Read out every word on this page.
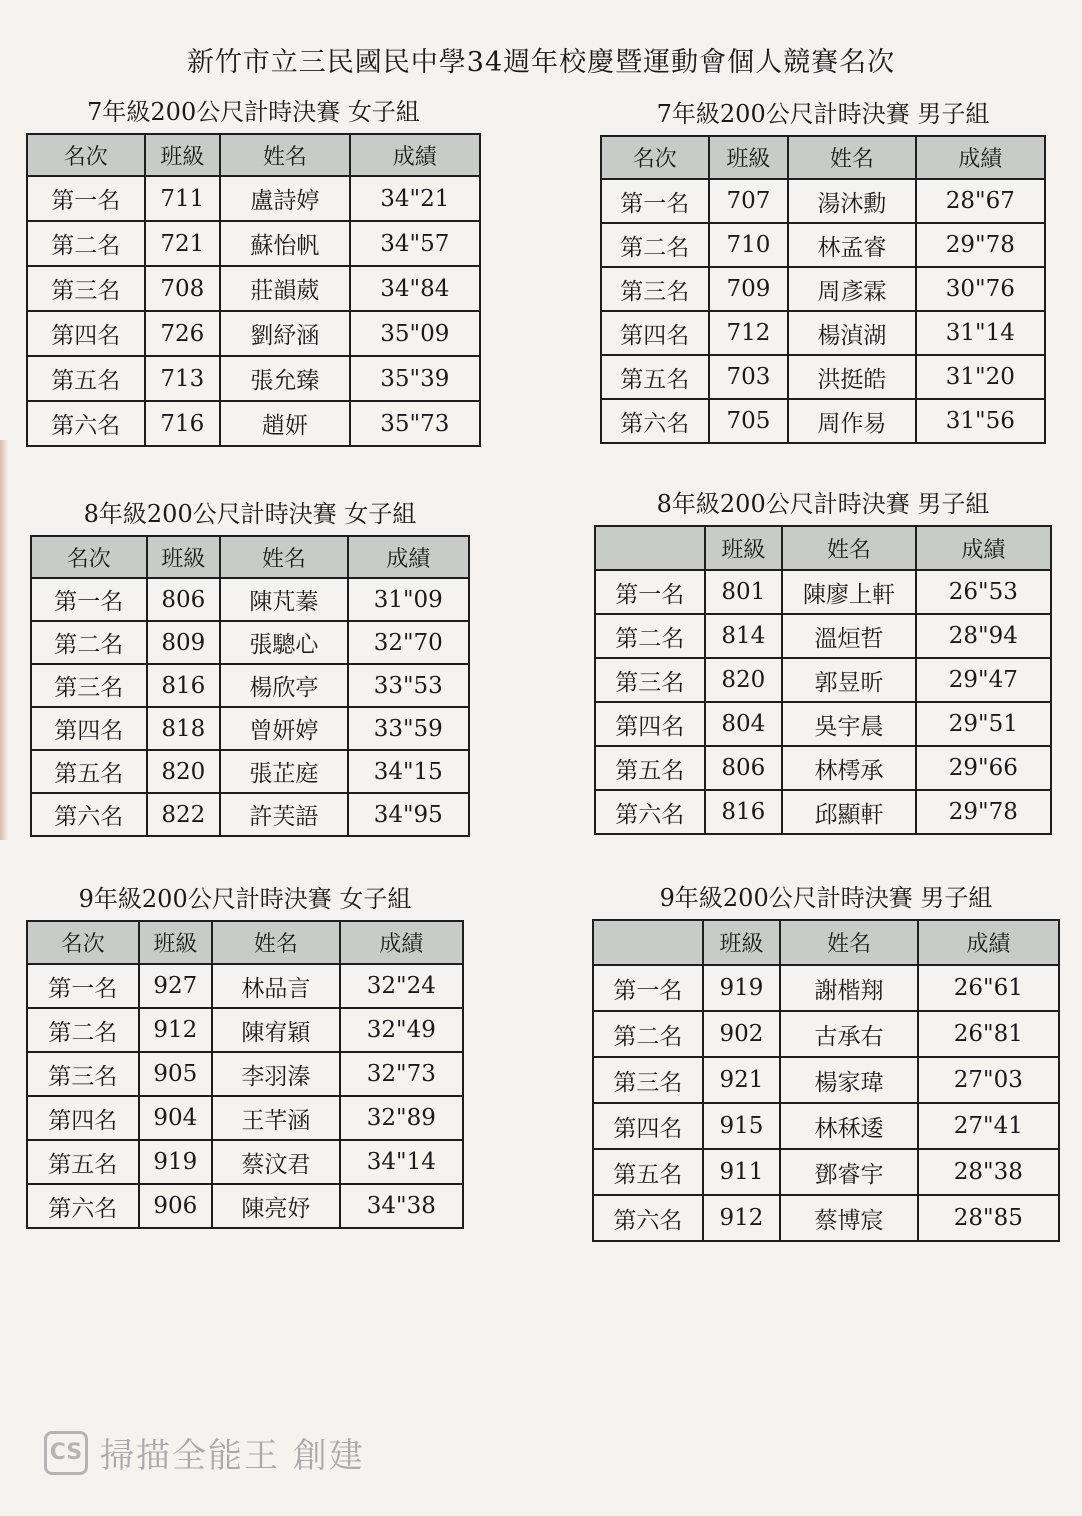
新竹市立三民國民中學34週年校慶暨運動會個人競賽名次
7年級200公尺計時決賽 女子組
名次	班級	姓名	成績
第一名	711	盧詩婷	34"21
第二名	721	蘇怡帆	34"57
第三名	708	莊韻葳	34"84
第四名	726	劉紓涵	35"09
第五名	713	張允臻	35"39
第六名	716	趙妍	35"73
7年級200公尺計時決賽 男子組
名次	班級	姓名	成績
第一名	707	湯沐勳	28"67
第二名	710	林孟睿	29"78
第三名	709	周彥霖	30"76
第四名	712	楊湞湖	31"14
第五名	703	洪挺皓	31"20
第六名	705	周作易	31"56
8年級200公尺計時決賽 女子組
名次	班級	姓名	成績
第一名	806	陳芃蓁	31"09
第二名	809	張驄心	32"70
第三名	816	楊欣亭	33"53
第四名	818	曾妍婷	33"59
第五名	820	張芷庭	34"15
第六名	822	許芙語	34"95
8年級200公尺計時決賽 男子組
	班級	姓名	成績
第一名	801	陳廖上軒	26"53
第二名	814	溫烜哲	28"94
第三名	820	郭昱昕	29"47
第四名	804	吳宇晨	29"51
第五名	806	林樗承	29"66
第六名	816	邱顯軒	29"78
9年級200公尺計時決賽 女子組
名次	班級	姓名	成績
第一名	927	林品言	32"24
第二名	912	陳宥穎	32"49
第三名	905	李羽溱	32"73
第四名	904	王芊涵	32"89
第五名	919	蔡汶君	34"14
第六名	906	陳亮妤	34"38
9年級200公尺計時決賽 男子組
	班級	姓名	成績
第一名	919	謝楷翔	26"61
第二名	902	古承右	26"81
第三名	921	楊家瑋	27"03
第四名	915	林秝逶	27"41
第五名	911	鄧睿宇	28"38
第六名	912	蔡博宸	28"85
CS 掃描全能王 創建
